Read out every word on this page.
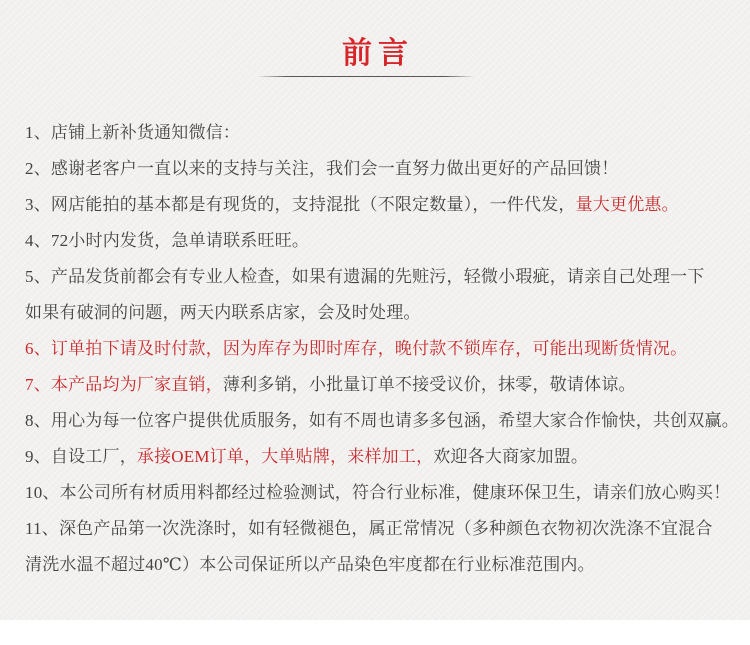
前言
1、店铺上新补货通知微信：
2、感谢老客户一直以来的支持与关注，我们会一直努力做出更好的产品回馈！
3、网店能拍的基本都是有现货的，支持混批（不限定数量），一件代发，量大更优惠。
4、72小时内发货，急单请联系旺旺。
5、产品发货前都会有专业人检查，如果有遗漏的先赃污，轻微小瑕疵，请亲自己处理一下
如果有破洞的问题，两天内联系店家，会及时处理。
6、订单拍下请及时付款，因为库存为即时库存，晚付款不锁库存，可能出现断货情况。
7、本产品均为厂家直销，薄利多销，小批量订单不接受议价，抹零，敬请体谅。
8、用心为每一位客户提供优质服务，如有不周也请多多包涵，希望大家合作愉快，共创双赢。
9、自设工厂，承接OEM订单，大单贴牌，来样加工，欢迎各大商家加盟。
10、本公司所有材质用料都经过检验测试，符合行业标准，健康环保卫生，请亲们放心购买！
11、深色产品第一次洗涤时，如有轻微褪色，属正常情况（多种颜色衣物初次洗涤不宜混合
清洗水温不超过40℃）本公司保证所以产品染色牢度都在行业标准范围内。
